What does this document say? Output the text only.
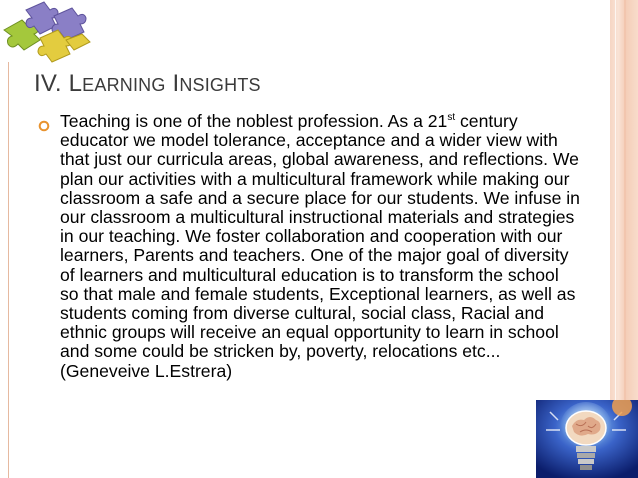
IV. LEARNING INSIGHTS

Teaching is one of the noblest profession. As a 21st century educator we model tolerance, acceptance and a wider view with that just our curricula areas, global awareness, and reflections. We plan our activities with a multicultural framework while making our classroom a safe and a secure place for our students. We infuse in our classroom a multicultural instructional materials and strategies in our teaching. We foster collaboration and cooperation with our learners, Parents and teachers. One of the major goal of diversity of learners and multicultural education is to transform the school so that male and female students, Exceptional learners, as well as students coming from diverse cultural, social class, Racial and ethnic groups will receive an equal opportunity to learn in school and some could be stricken by, poverty, relocations etc...(Geneveive L.Estrera)
